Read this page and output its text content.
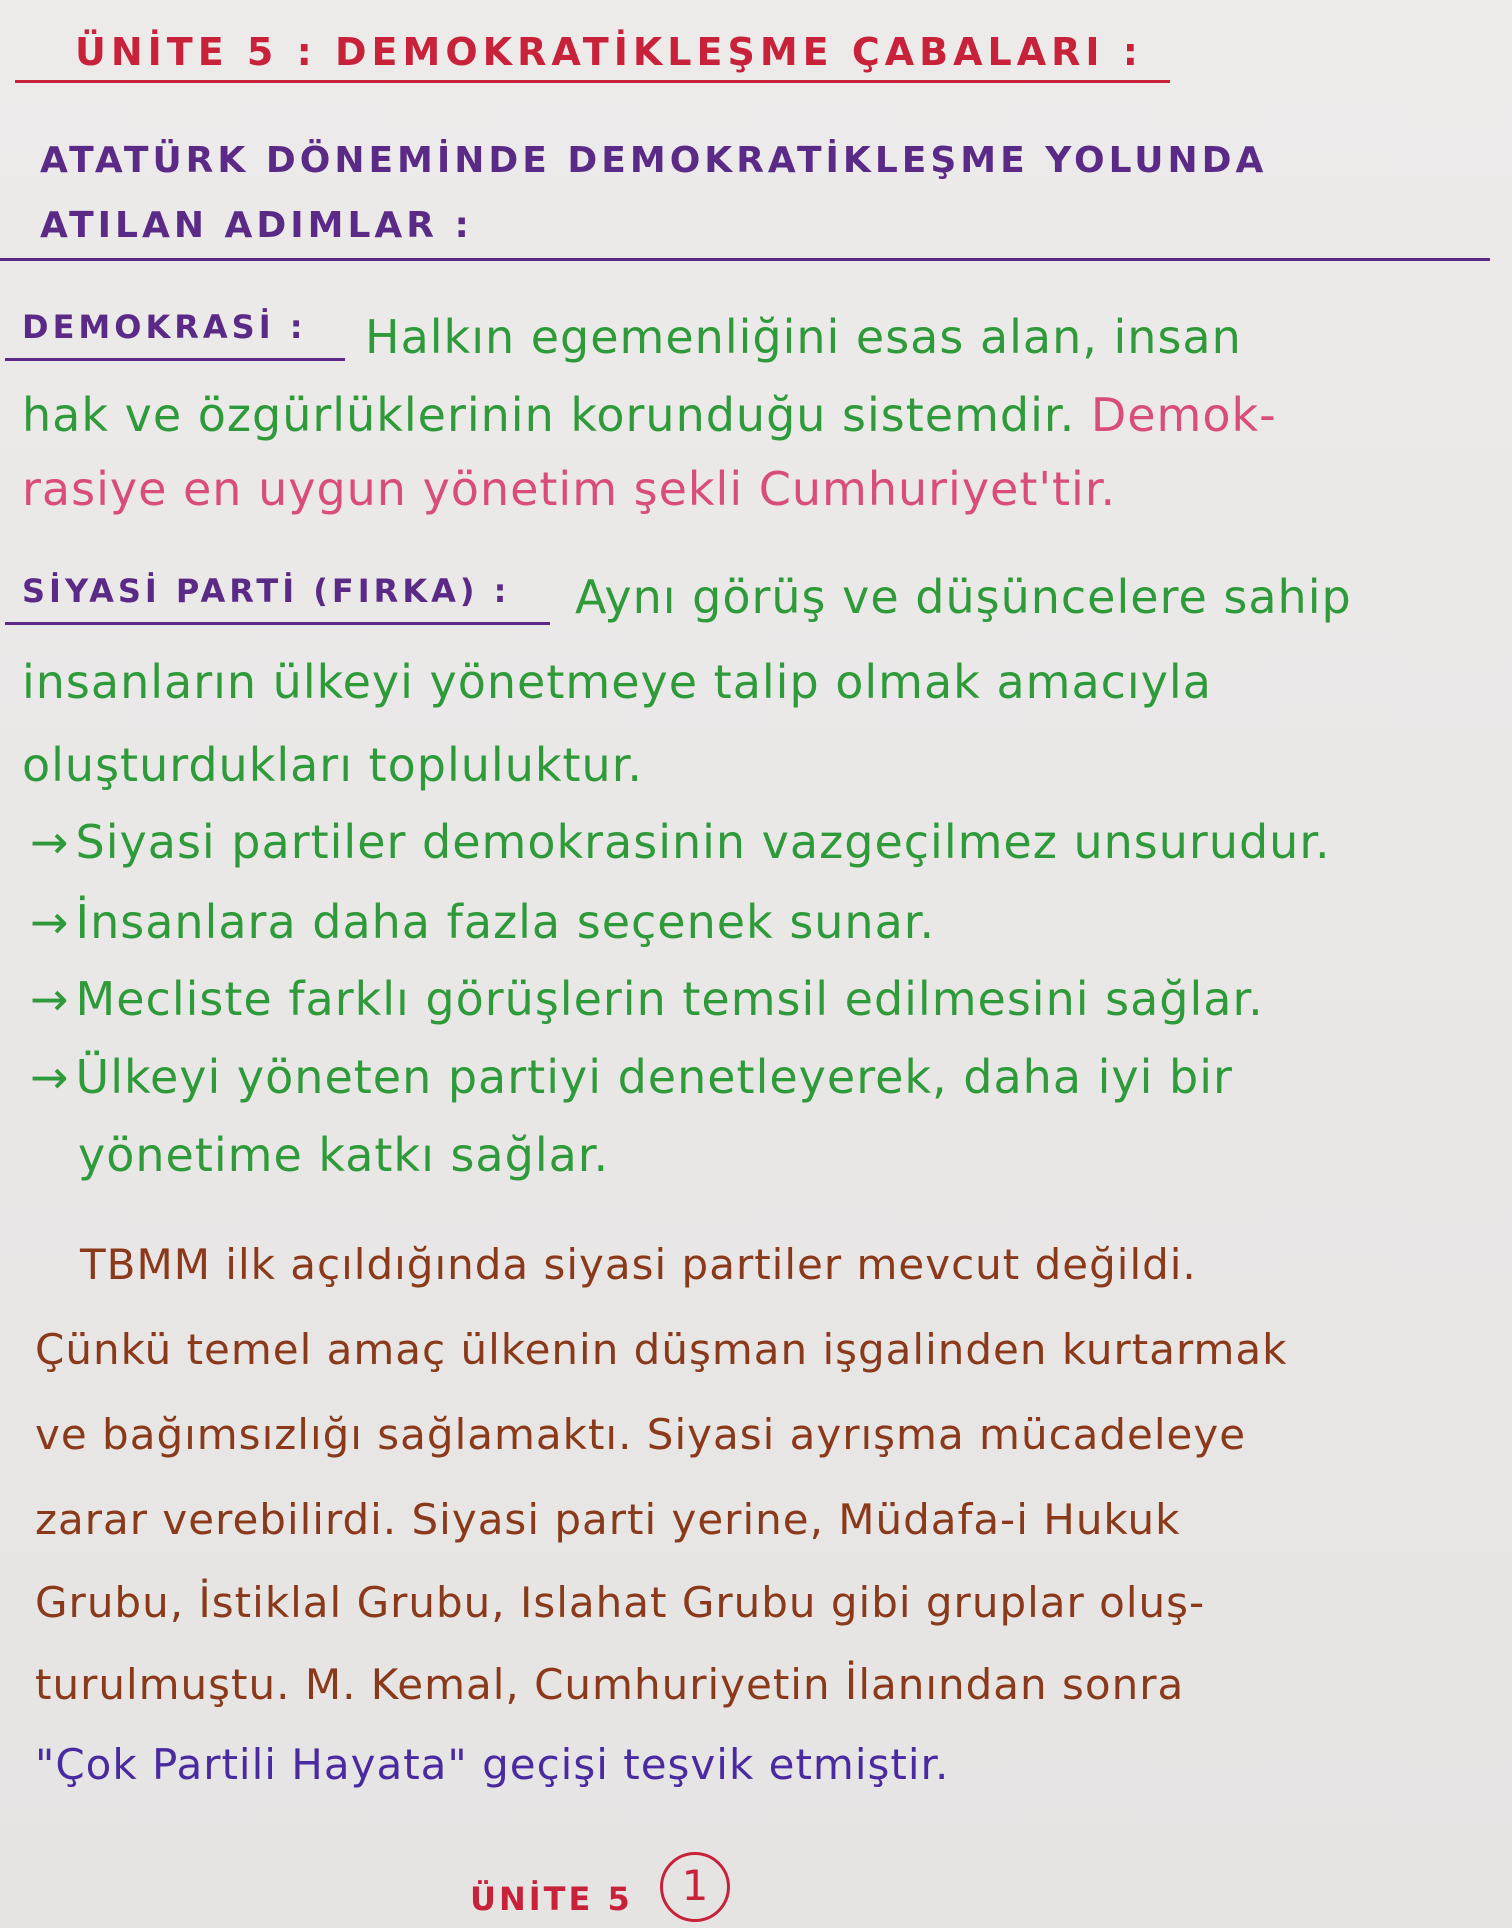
ÜNİTE 5 : DEMOKRATİKLEŞME ÇABALARI :
ATATÜRK DÖNEMİNDE DEMOKRATİKLEŞME YOLUNDA
ATILAN ADIMLAR :
DEMOKRASİ : Halkın egemenliğini esas alan, insan
hak ve özgürlüklerinin korunduğu sistemdir. Demok-
rasiye en uygun yönetim şekli Cumhuriyet'tir.
SİYASİ PARTİ (FIRKA) : Aynı görüş ve düşüncelere sahip
insanların ülkeyi yönetmeye talip olmak amacıyla
oluşturdukları topluluktur.
→ Siyasi partiler demokrasinin vazgeçilmez unsurudur.
→ İnsanlara daha fazla seçenek sunar.
→ Mecliste farklı görüşlerin temsil edilmesini sağlar.
→ Ülkeyi yöneten partiyi denetleyerek, daha iyi bir
yönetime katkı sağlar.
TBMM ilk açıldığında siyasi partiler mevcut değildi.
Çünkü temel amaç ülkenin düşman işgalinden kurtarmak
ve bağımsızlığı sağlamaktı. Siyasi ayrışma mücadeleye
zarar verebilirdi. Siyasi parti yerine, Müdafa-i Hukuk
Grubu, İstiklal Grubu, Islahat Grubu gibi gruplar oluş-
turulmuştu. M. Kemal, Cumhuriyetin İlanından sonra
"Çok Partili Hayata" geçişi teşvik etmiştir.
ÜNİTE 5	1
